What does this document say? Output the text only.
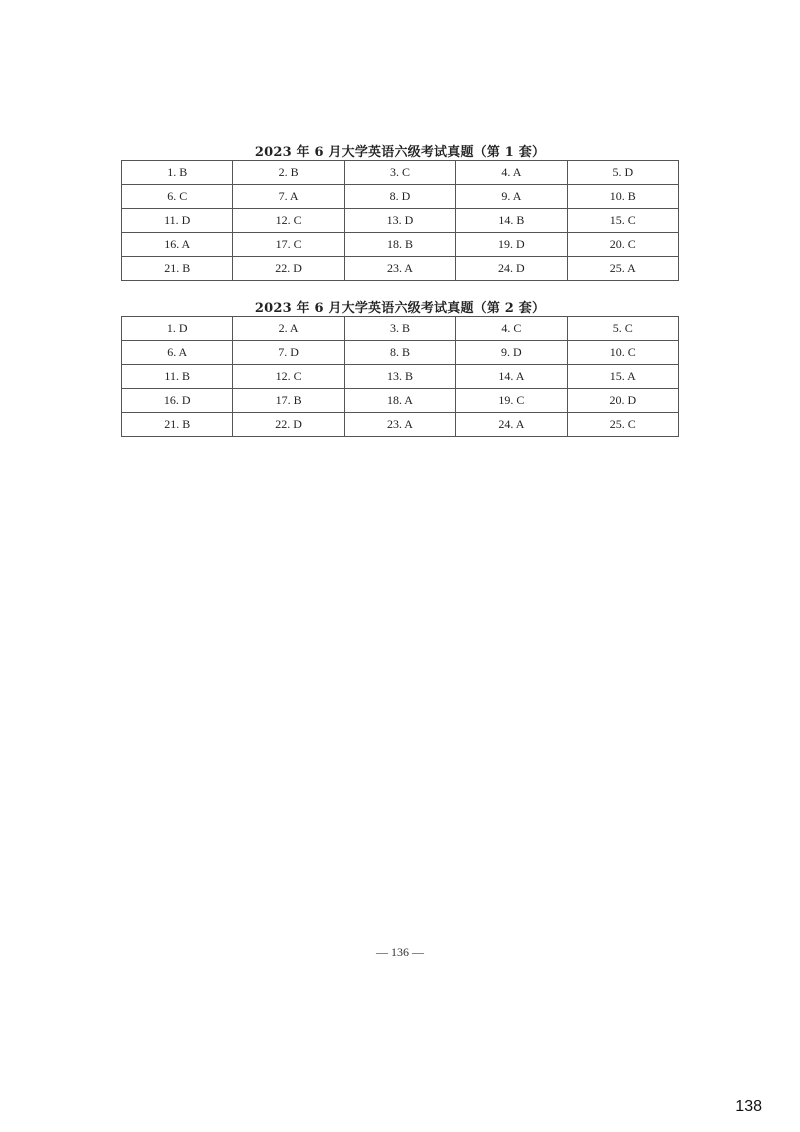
2023 年 6 月大学英语六级考试真题（第 1 套）
1. B	2. B	3. C	4. A	5. D
6. C	7. A	8. D	9. A	10. B
11. D	12. C	13. D	14. B	15. C
16. A	17. C	18. B	19. D	20. C
21. B	22. D	23. A	24. D	25. A
2023 年 6 月大学英语六级考试真题（第 2 套）
1. D	2. A	3. B	4. C	5. C
6. A	7. D	8. B	9. D	10. C
11. B	12. C	13. B	14. A	15. A
16. D	17. B	18. A	19. C	20. D
21. B	22. D	23. A	24. A	25. C
— 136 —
138
